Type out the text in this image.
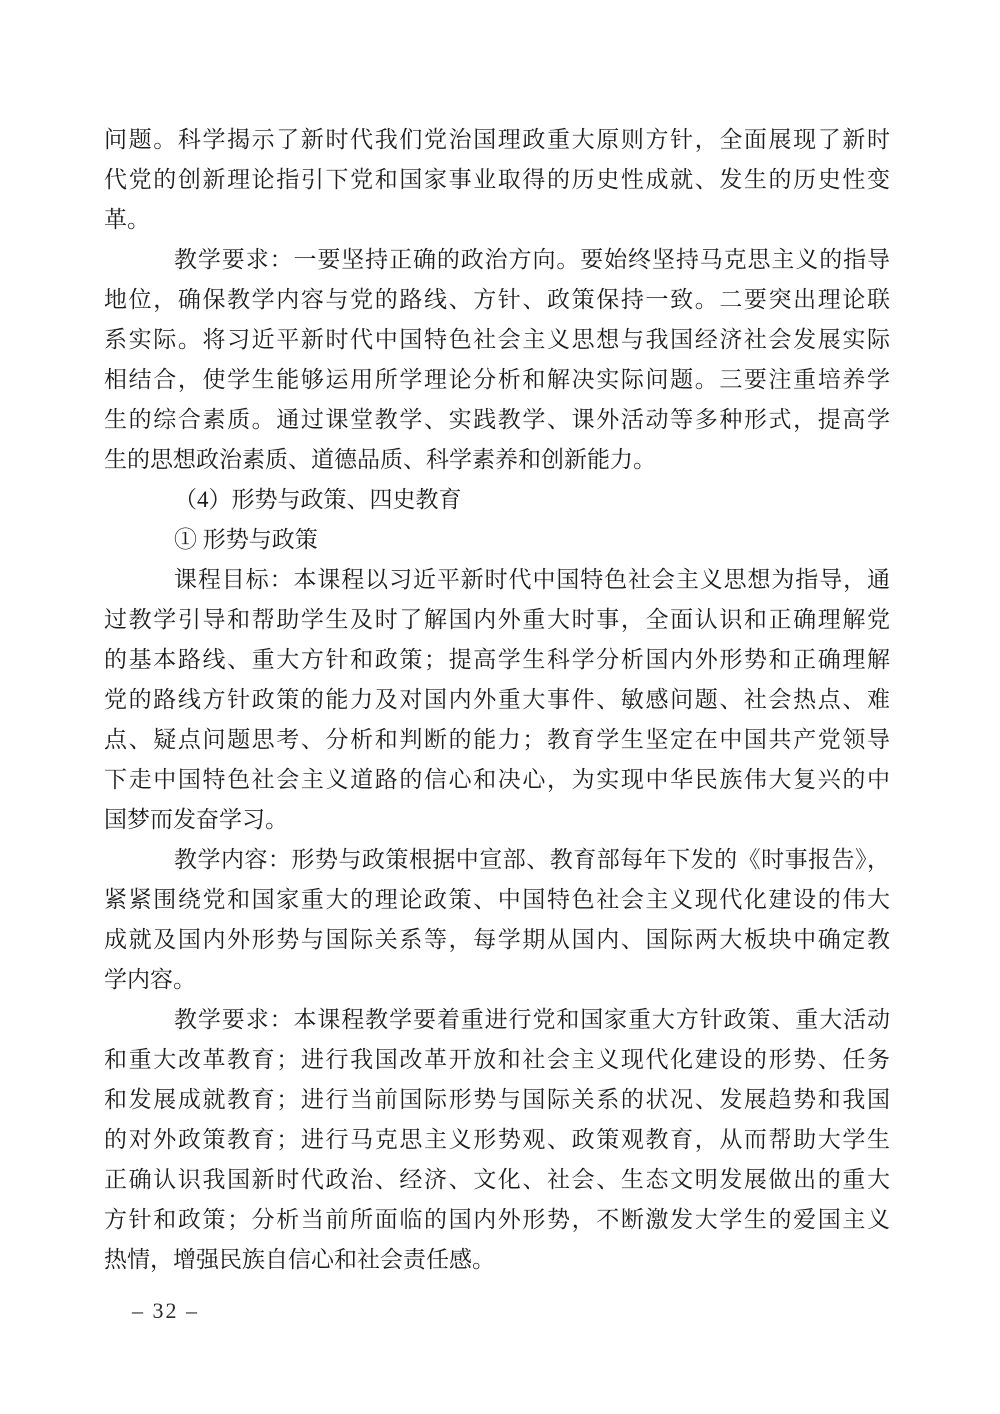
问题。科学揭示了新时代我们党治国理政重大原则方针，全面展现了新时
代党的创新理论指引下党和国家事业取得的历史性成就、发生的历史性变
革。
教学要求：一要坚持正确的政治方向。要始终坚持马克思主义的指导
地位，确保教学内容与党的路线、方针、政策保持一致。二要突出理论联
系实际。将习近平新时代中国特色社会主义思想与我国经济社会发展实际
相结合，使学生能够运用所学理论分析和解决实际问题。三要注重培养学
生的综合素质。通过课堂教学、实践教学、课外活动等多种形式，提高学
生的思想政治素质、道德品质、科学素养和创新能力。
（4）形势与政策、四史教育
① 形势与政策
课程目标：本课程以习近平新时代中国特色社会主义思想为指导，通
过教学引导和帮助学生及时了解国内外重大时事，全面认识和正确理解党
的基本路线、重大方针和政策；提高学生科学分析国内外形势和正确理解
党的路线方针政策的能力及对国内外重大事件、敏感问题、社会热点、难
点、疑点问题思考、分析和判断的能力；教育学生坚定在中国共产党领导
下走中国特色社会主义道路的信心和决心，为实现中华民族伟大复兴的中
国梦而发奋学习。
教学内容：形势与政策根据中宣部、教育部每年下发的《时事报告》，
紧紧围绕党和国家重大的理论政策、中国特色社会主义现代化建设的伟大
成就及国内外形势与国际关系等，每学期从国内、国际两大板块中确定教
学内容。
教学要求：本课程教学要着重进行党和国家重大方针政策、重大活动
和重大改革教育；进行我国改革开放和社会主义现代化建设的形势、任务
和发展成就教育；进行当前国际形势与国际关系的状况、发展趋势和我国
的对外政策教育；进行马克思主义形势观、政策观教育，从而帮助大学生
正确认识我国新时代政治、经济、文化、社会、生态文明发展做出的重大
方针和政策；分析当前所面临的国内外形势，不断激发大学生的爱国主义
热情，增强民族自信心和社会责任感。
– 32 –
